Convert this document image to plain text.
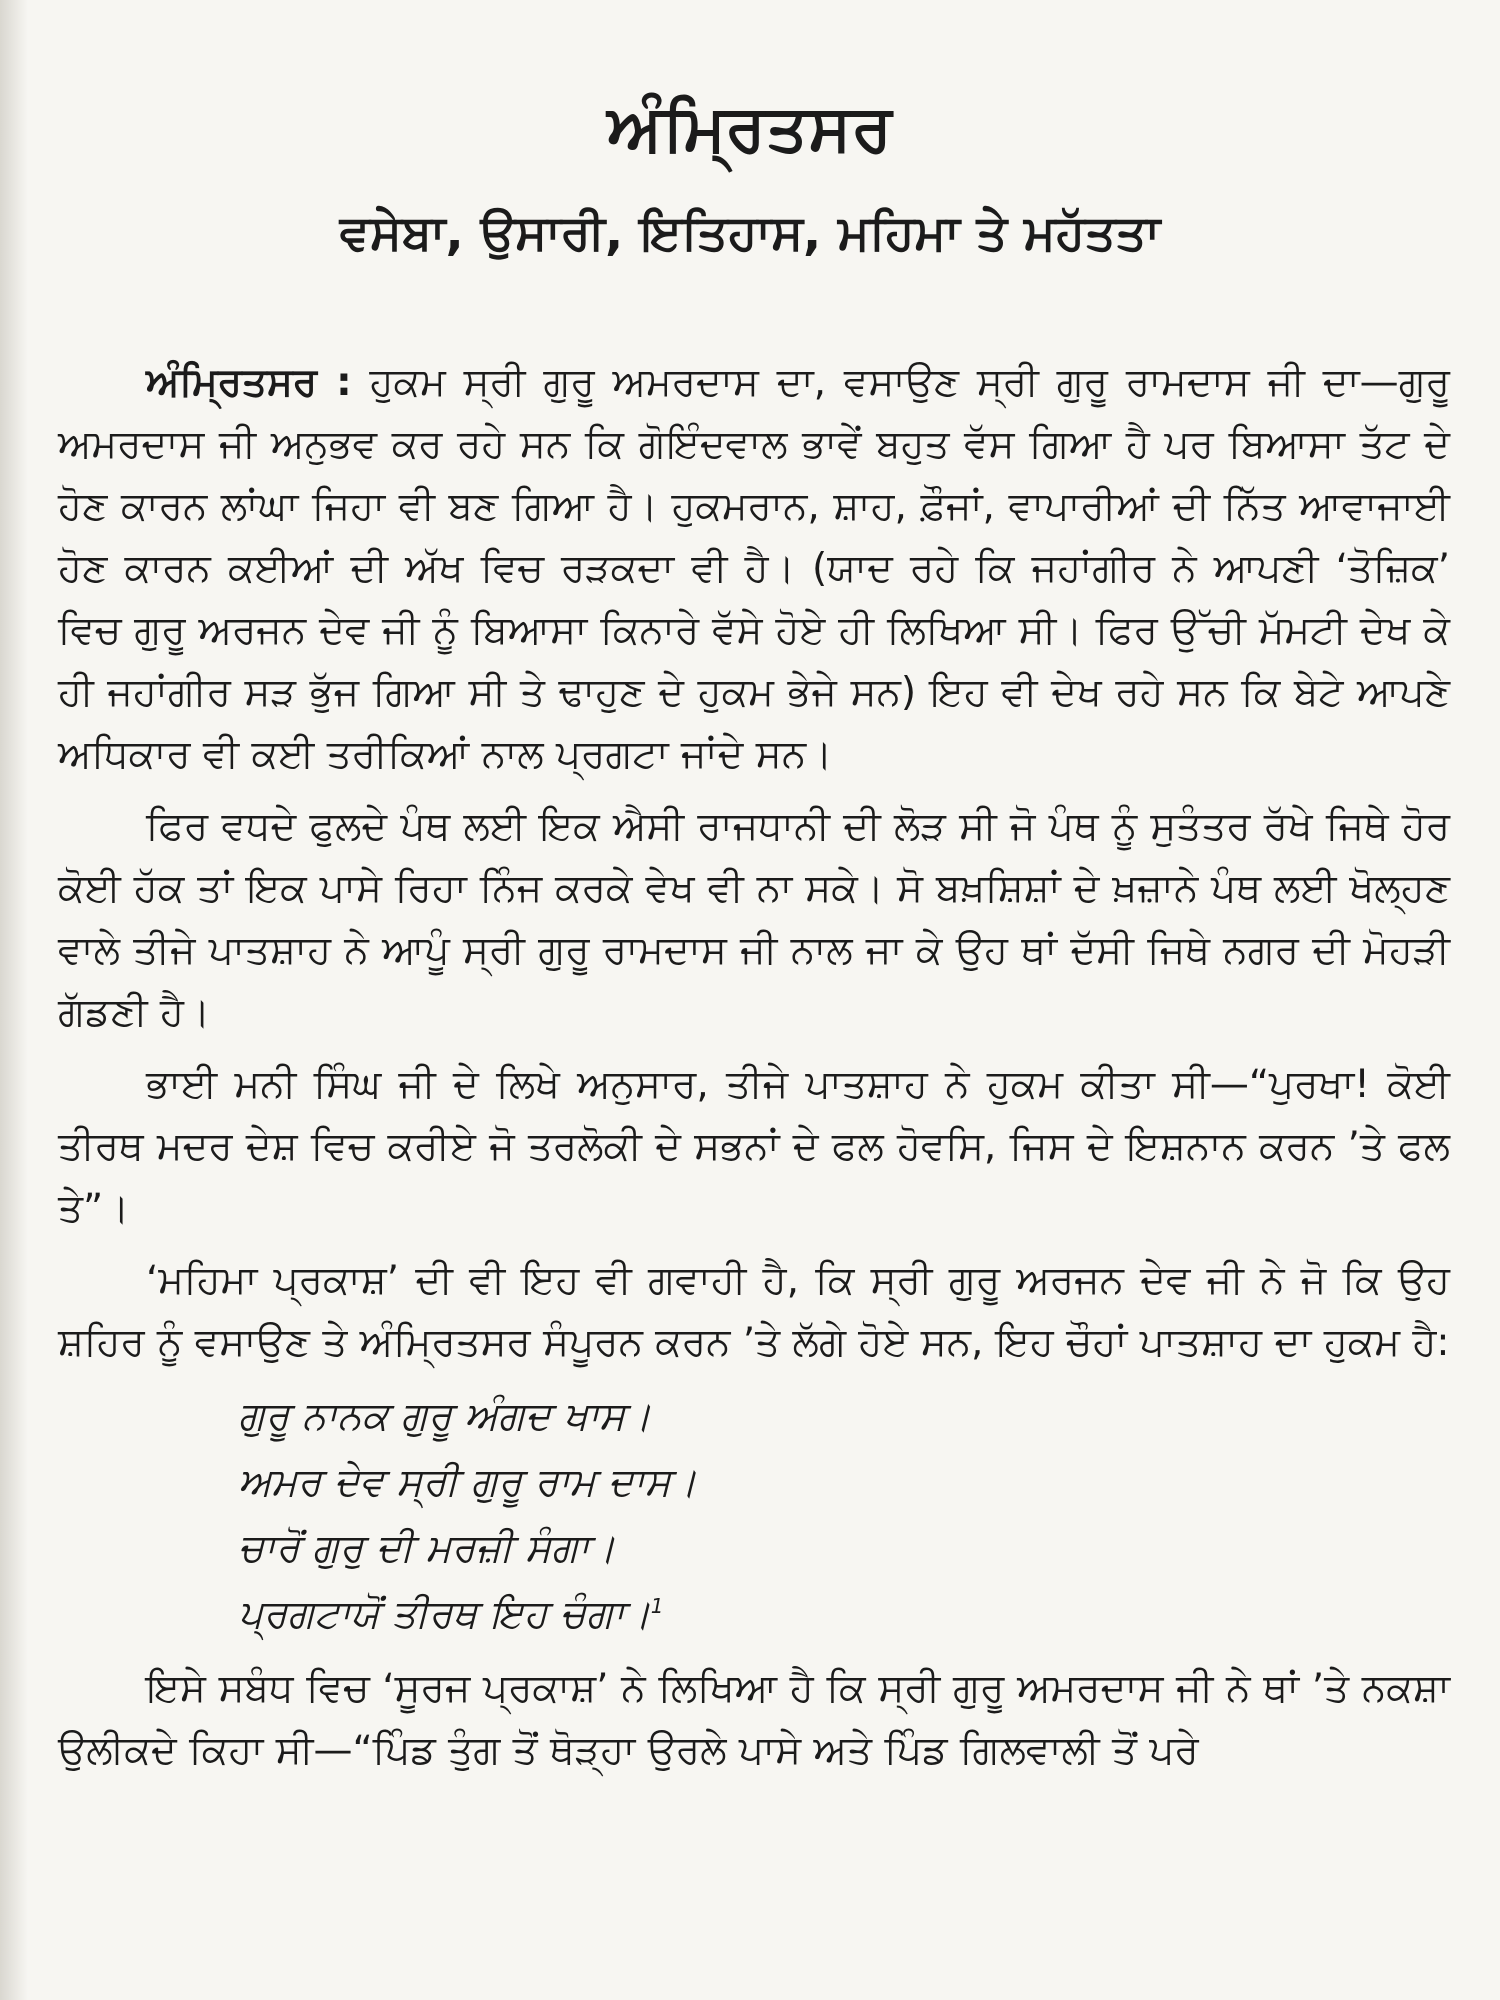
ਅੰਮ੍ਰਿਤਸਰ
ਵਸੇਬਾ, ਉਸਾਰੀ, ਇਤਿਹਾਸ, ਮਹਿਮਾ ਤੇ ਮਹੱਤਤਾ

ਅੰਮ੍ਰਿਤਸਰ : ਹੁਕਮ ਸ੍ਰੀ ਗੁਰੂ ਅਮਰਦਾਸ ਦਾ, ਵਸਾਉਣ ਸ੍ਰੀ ਗੁਰੂ ਰਾਮਦਾਸ ਜੀ ਦਾ—ਗੁਰੂ ਅਮਰਦਾਸ ਜੀ ਅਨੁਭਵ ਕਰ ਰਹੇ ਸਨ ਕਿ ਗੋਇੰਦਵਾਲ ਭਾਵੇਂ ਬਹੁਤ ਵੱਸ ਗਿਆ ਹੈ ਪਰ ਬਿਆਸਾ ਤੱਟ ਦੇ ਹੋਣ ਕਾਰਨ ਲਾਂਘਾ ਜਿਹਾ ਵੀ ਬਣ ਗਿਆ ਹੈ। ਹੁਕਮਰਾਨ, ਸ਼ਾਹ, ਫ਼ੌਜਾਂ, ਵਾਪਾਰੀਆਂ ਦੀ ਨਿੱਤ ਆਵਾਜਾਈ ਹੋਣ ਕਾਰਨ ਕਈਆਂ ਦੀ ਅੱਖ ਵਿਚ ਰੜਕਦਾ ਵੀ ਹੈ। (ਯਾਦ ਰਹੇ ਕਿ ਜਹਾਂਗੀਰ ਨੇ ਆਪਣੀ ‘ਤੋਜ਼ਿਕ’ ਵਿਚ ਗੁਰੂ ਅਰਜਨ ਦੇਵ ਜੀ ਨੂੰ ਬਿਆਸਾ ਕਿਨਾਰੇ ਵੱਸੇ ਹੋਏ ਹੀ ਲਿਖਿਆ ਸੀ। ਫਿਰ ਉੱਚੀ ਮੱਮਟੀ ਦੇਖ ਕੇ ਹੀ ਜਹਾਂਗੀਰ ਸੜ ਭੁੱਜ ਗਿਆ ਸੀ ਤੇ ਢਾਹੁਣ ਦੇ ਹੁਕਮ ਭੇਜੇ ਸਨ) ਇਹ ਵੀ ਦੇਖ ਰਹੇ ਸਨ ਕਿ ਬੇਟੇ ਆਪਣੇ ਅਧਿਕਾਰ ਵੀ ਕਈ ਤਰੀਕਿਆਂ ਨਾਲ ਪ੍ਰਗਟਾ ਜਾਂਦੇ ਸਨ।

ਫਿਰ ਵਧਦੇ ਫੁਲਦੇ ਪੰਥ ਲਈ ਇਕ ਐਸੀ ਰਾਜਧਾਨੀ ਦੀ ਲੋੜ ਸੀ ਜੋ ਪੰਥ ਨੂੰ ਸੁਤੰਤਰ ਰੱਖੇ ਜਿਥੇ ਹੋਰ ਕੋਈ ਹੱਕ ਤਾਂ ਇਕ ਪਾਸੇ ਰਿਹਾ ਨਿੰਜ ਕਰਕੇ ਵੇਖ ਵੀ ਨਾ ਸਕੇ। ਸੋ ਬਖ਼ਸ਼ਿਸ਼ਾਂ ਦੇ ਖ਼ਜ਼ਾਨੇ ਪੰਥ ਲਈ ਖੋਲ੍ਹਣ ਵਾਲੇ ਤੀਜੇ ਪਾਤਸ਼ਾਹ ਨੇ ਆਪੂੰ ਸ੍ਰੀ ਗੁਰੂ ਰਾਮਦਾਸ ਜੀ ਨਾਲ ਜਾ ਕੇ ਉਹ ਥਾਂ ਦੱਸੀ ਜਿਥੇ ਨਗਰ ਦੀ ਮੋਹੜੀ ਗੱਡਣੀ ਹੈ।

ਭਾਈ ਮਨੀ ਸਿੰਘ ਜੀ ਦੇ ਲਿਖੇ ਅਨੁਸਾਰ, ਤੀਜੇ ਪਾਤਸ਼ਾਹ ਨੇ ਹੁਕਮ ਕੀਤਾ ਸੀ—“ਪੁਰਖਾ! ਕੋਈ ਤੀਰਥ ਮਦਰ ਦੇਸ਼ ਵਿਚ ਕਰੀਏ ਜੋ ਤਰਲੋਕੀ ਦੇ ਸਭਨਾਂ ਦੇ ਫਲ ਹੋਵਸਿ, ਜਿਸ ਦੇ ਇਸ਼ਨਾਨ ਕਰਨ ’ਤੇ ਫਲ ਤੇ”।

‘ਮਹਿਮਾ ਪ੍ਰਕਾਸ਼’ ਦੀ ਵੀ ਇਹ ਵੀ ਗਵਾਹੀ ਹੈ, ਕਿ ਸ੍ਰੀ ਗੁਰੂ ਅਰਜਨ ਦੇਵ ਜੀ ਨੇ ਜੋ ਕਿ ਉਹ ਸ਼ਹਿਰ ਨੂੰ ਵਸਾਉਣ ਤੇ ਅੰਮ੍ਰਿਤਸਰ ਸੰਪੂਰਨ ਕਰਨ ’ਤੇ ਲੱਗੇ ਹੋਏ ਸਨ, ਇਹ ਚੌਹਾਂ ਪਾਤਸ਼ਾਹ ਦਾ ਹੁਕਮ ਹੈ:

ਗੁਰੂ ਨਾਨਕ ਗੁਰੂ ਅੰਗਦ ਖਾਸ।
ਅਮਰ ਦੇਵ ਸ੍ਰੀ ਗੁਰੂ ਰਾਮ ਦਾਸ।
ਚਾਰੋਂ ਗੁਰੁ ਦੀ ਮਰਜ਼ੀ ਸੰਗਾ।
ਪ੍ਰਗਟਾਯੋਂ ਤੀਰਥ ਇਹ ਚੰਗਾ।$^1$

ਇਸੇ ਸਬੰਧ ਵਿਚ ‘ਸੂਰਜ ਪ੍ਰਕਾਸ਼’ ਨੇ ਲਿਖਿਆ ਹੈ ਕਿ ਸ੍ਰੀ ਗੁਰੂ ਅਮਰਦਾਸ ਜੀ ਨੇ ਥਾਂ ’ਤੇ ਨਕਸ਼ਾ ਉਲੀਕਦੇ ਕਿਹਾ ਸੀ—“ਪਿੰਡ ਤੁੰਗ ਤੋਂ ਥੋੜ੍ਹਾ ਉਰਲੇ ਪਾਸੇ ਅਤੇ ਪਿੰਡ ਗਿਲਵਾਲੀ ਤੋਂ ਪਰੇ
